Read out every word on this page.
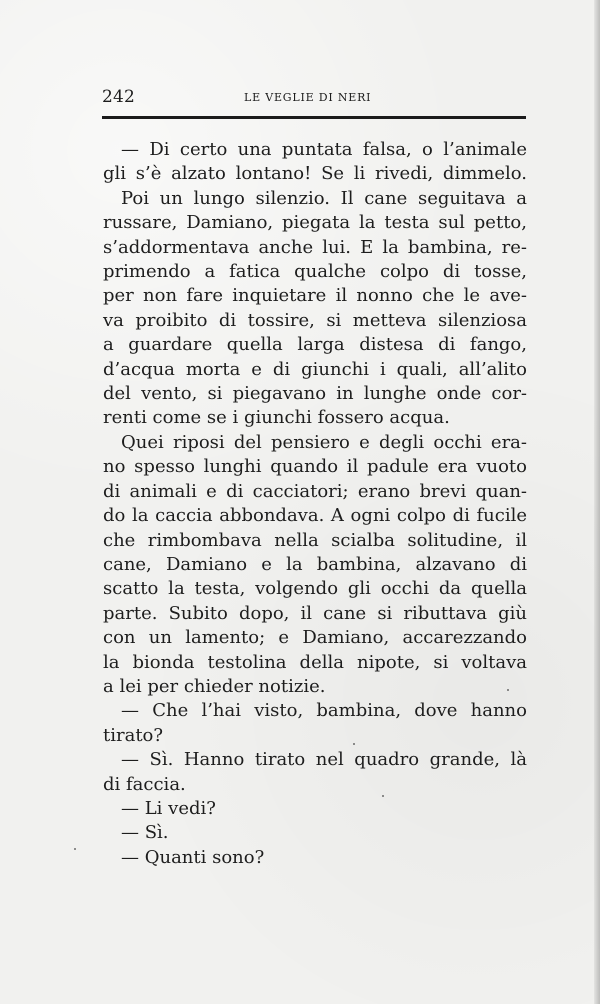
242	LE VEGLIE DI NERI
— Di certo una puntata falsa, o l’animale
gli s’è alzato lontano! Se li rivedi, dimmelo.
Poi un lungo silenzio. Il cane seguitava a
russare, Damiano, piegata la testa sul petto,
s’addormentava anche lui. E la bambina, re-
primendo a fatica qualche colpo di tosse,
per non fare inquietare il nonno che le ave-
va proibito di tossire, si metteva silenziosa
a guardare quella larga distesa di fango,
d’acqua morta e di giunchi i quali, all’alito
del vento, si piegavano in lunghe onde cor-
renti come se i giunchi fossero acqua.
Quei riposi del pensiero e degli occhi era-
no spesso lunghi quando il padule era vuoto
di animali e di cacciatori; erano brevi quan-
do la caccia abbondava. A ogni colpo di fucile
che rimbombava nella scialba solitudine, il
cane, Damiano e la bambina, alzavano di
scatto la testa, volgendo gli occhi da quella
parte. Subito dopo, il cane si ributtava giù
con un lamento; e Damiano, accarezzando
la bionda testolina della nipote, si voltava
a lei per chieder notizie.
— Che l’hai visto, bambina, dove hanno
tirato?
— Sì. Hanno tirato nel quadro grande, là
di faccia.
— Li vedi?
— Sì.
— Quanti sono?
